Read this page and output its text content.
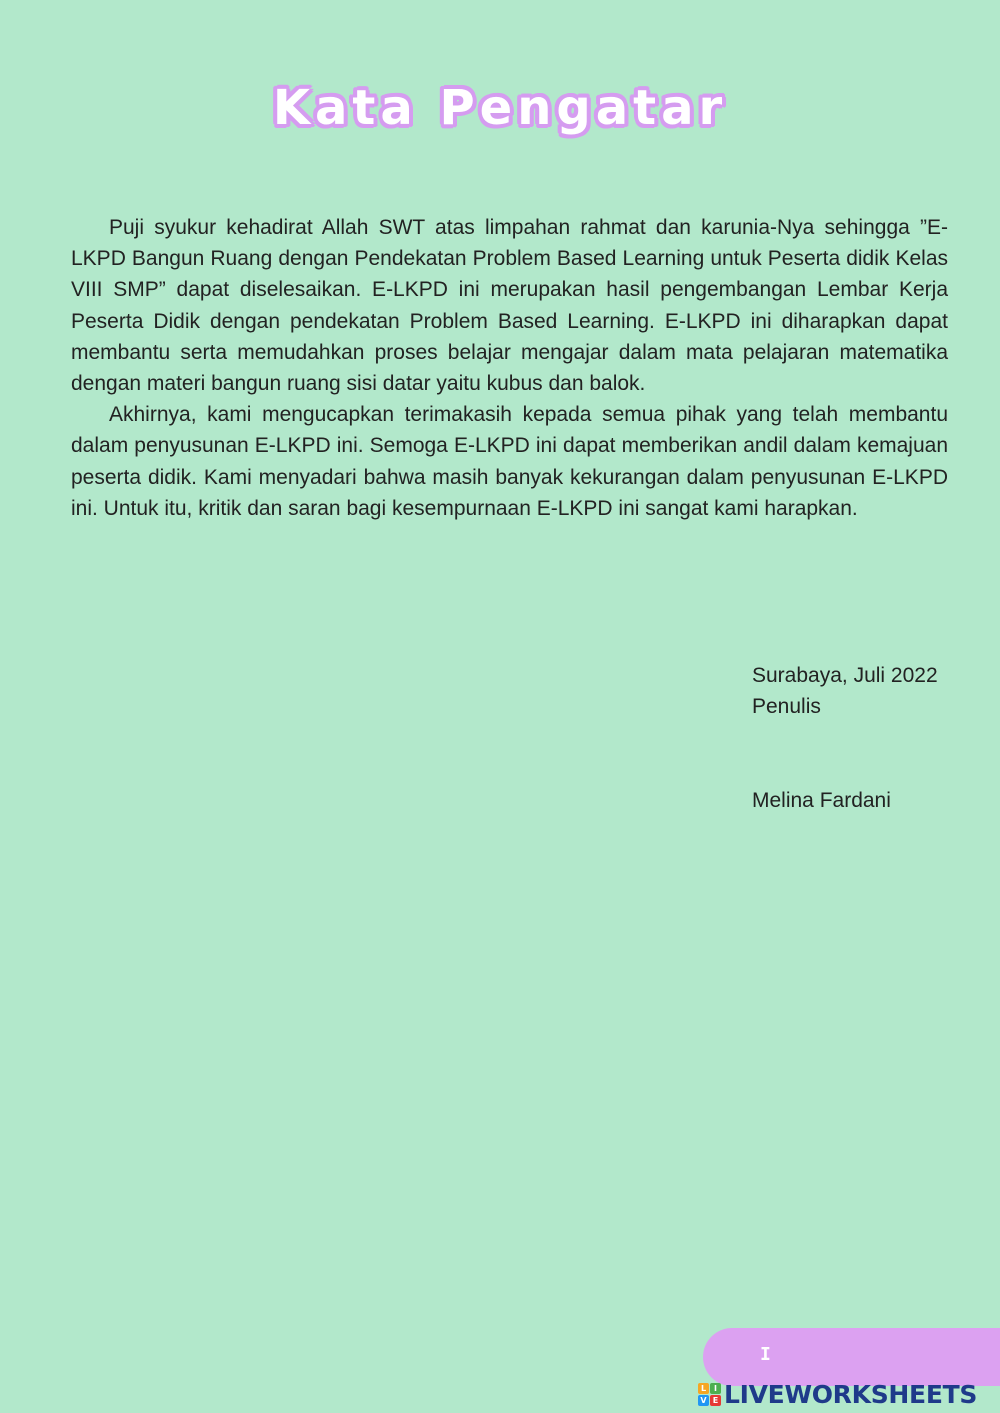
Kata Pengatar

Puji syukur kehadirat Allah SWT atas limpahan rahmat dan karunia-Nya sehingga ”E-LKPD Bangun Ruang dengan Pendekatan Problem Based Learning untuk Peserta didik Kelas VIII SMP” dapat diselesaikan. E-LKPD ini merupakan hasil pengembangan Lembar Kerja Peserta Didik dengan pendekatan Problem Based Learning. E-LKPD ini diharapkan dapat membantu serta memudahkan proses belajar mengajar dalam mata pelajaran matematika dengan materi bangun ruang sisi datar yaitu kubus dan balok.

Akhirnya, kami mengucapkan terimakasih kepada semua pihak yang telah membantu dalam penyusunan E-LKPD ini. Semoga E-LKPD ini dapat memberikan andil dalam kemajuan peserta didik. Kami menyadari bahwa masih banyak kekurangan dalam penyusunan E-LKPD ini. Untuk itu, kritik dan saran bagi kesempurnaan E-LKPD ini sangat kami harapkan.

Surabaya, Juli 2022
Penulis
Melina Fardani
I
L I
V E LIVEWORKSHEETS
